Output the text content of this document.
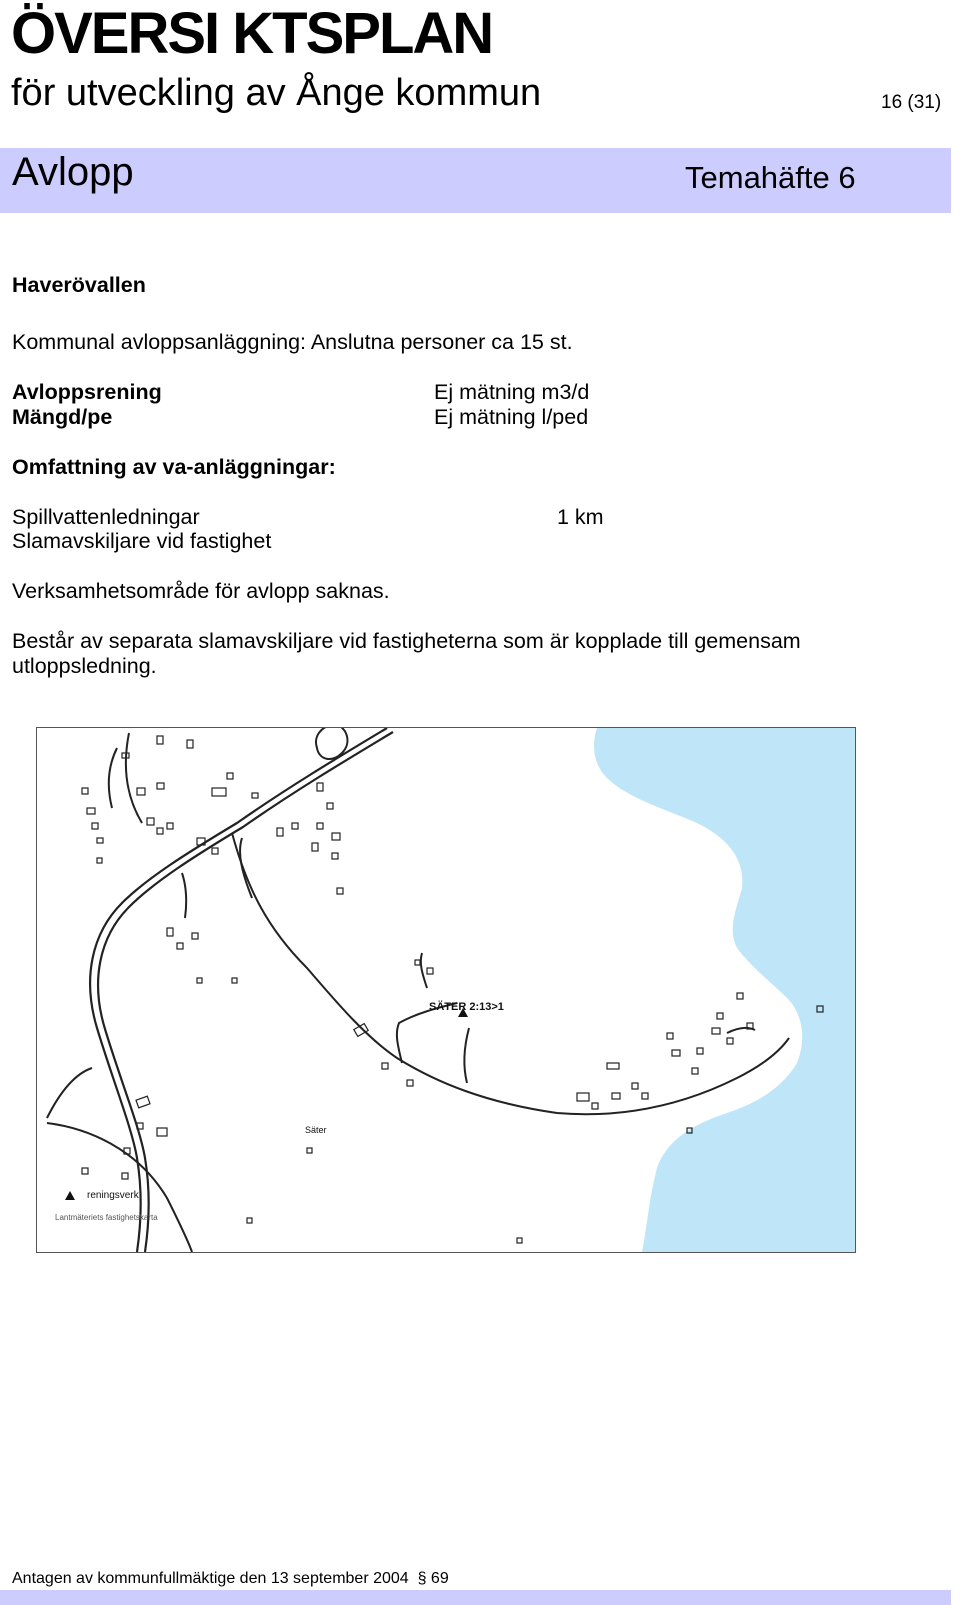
ÖVERSI KTSPLAN
för utveckling av Ånge kommun	16 (31)
Avlopp	Temahäfte 6
Haverövallen
Kommunal avloppsanläggning: Anslutna personer ca 15 st.
Avloppsrening	Ej mätning m3/d
Mängd/pe	Ej mätning l/ped
Omfattning av va-anläggningar:
Spillvattenledningar	1 km
Slamavskiljare vid fastighet
Verksamhetsområde för avlopp saknas.
Består av separata slamavskiljare vid fastigheterna som är kopplade till gemensam
utloppsledning.
SÄTER 2:13>1
Säter
reningsverk
Lantmäteriets fastighetskarta
Antagen av kommunfullmäktige den 13 september 2004 § 69
